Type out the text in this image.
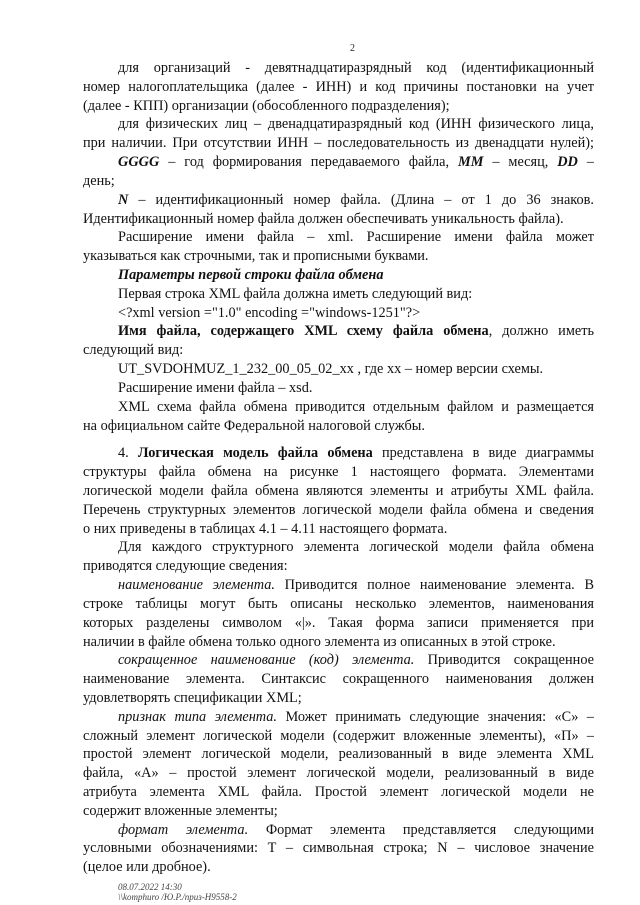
2
для организаций - девятнадцатиразрядный код (идентификационный
номер налогоплательщика (далее - ИНН) и код причины постановки на учет
(далее - КПП) организации (обособленного подразделения);
для физических лиц – двенадцатиразрядный код (ИНН физического лица,
при наличии. При отсутствии ИНН – последовательность из двенадцати нулей);
GGGG – год формирования передаваемого файла, MM – месяц, DD –
день;
N – идентификационный номер файла. (Длина – от 1 до 36 знаков.
Идентификационный номер файла должен обеспечивать уникальность файла).
Расширение имени файла – xml. Расширение имени файла может
указываться как строчными, так и прописными буквами.
Параметры первой строки файла обмена
Первая строка XML файла должна иметь следующий вид:
<?xml version ="1.0" encoding ="windows-1251"?>
Имя файла, содержащего XML схему файла обмена, должно иметь
следующий вид:
UT_SVDOHMUZ_1_232_00_05_02_xx , где хх – номер версии схемы.
Расширение имени файла – xsd.
XML схема файла обмена приводится отдельным файлом и размещается
на официальном сайте Федеральной налоговой службы.
4. Логическая модель файла обмена представлена в виде диаграммы
структуры файла обмена на рисунке 1 настоящего формата. Элементами
логической модели файла обмена являются элементы и атрибуты XML файла.
Перечень структурных элементов логической модели файла обмена и сведения
о них приведены в таблицах 4.1 – 4.11 настоящего формата.
Для каждого структурного элемента логической модели файла обмена
приводятся следующие сведения:
наименование элемента. Приводится полное наименование элемента. В
строке таблицы могут быть описаны несколько элементов, наименования
которых разделены символом «|». Такая форма записи применяется при
наличии в файле обмена только одного элемента из описанных в этой строке.
сокращенное наименование (код) элемента. Приводится сокращенное
наименование элемента. Синтаксис сокращенного наименования должен
удовлетворять спецификации XML;
признак типа элемента. Может принимать следующие значения: «С» –
сложный элемент логической модели (содержит вложенные элементы), «П» –
простой элемент логической модели, реализованный в виде элемента XML
файла, «А» – простой элемент логической модели, реализованный в виде
атрибута элемента XML файла. Простой элемент логической модели не
содержит вложенные элементы;
формат элемента. Формат элемента представляется следующими
условными обозначениями: T – символьная строка; N – числовое значение
(целое или дробное).
08.07.2022 14:30
\\komphuro /Ю.Р./приз-Н9558-2
